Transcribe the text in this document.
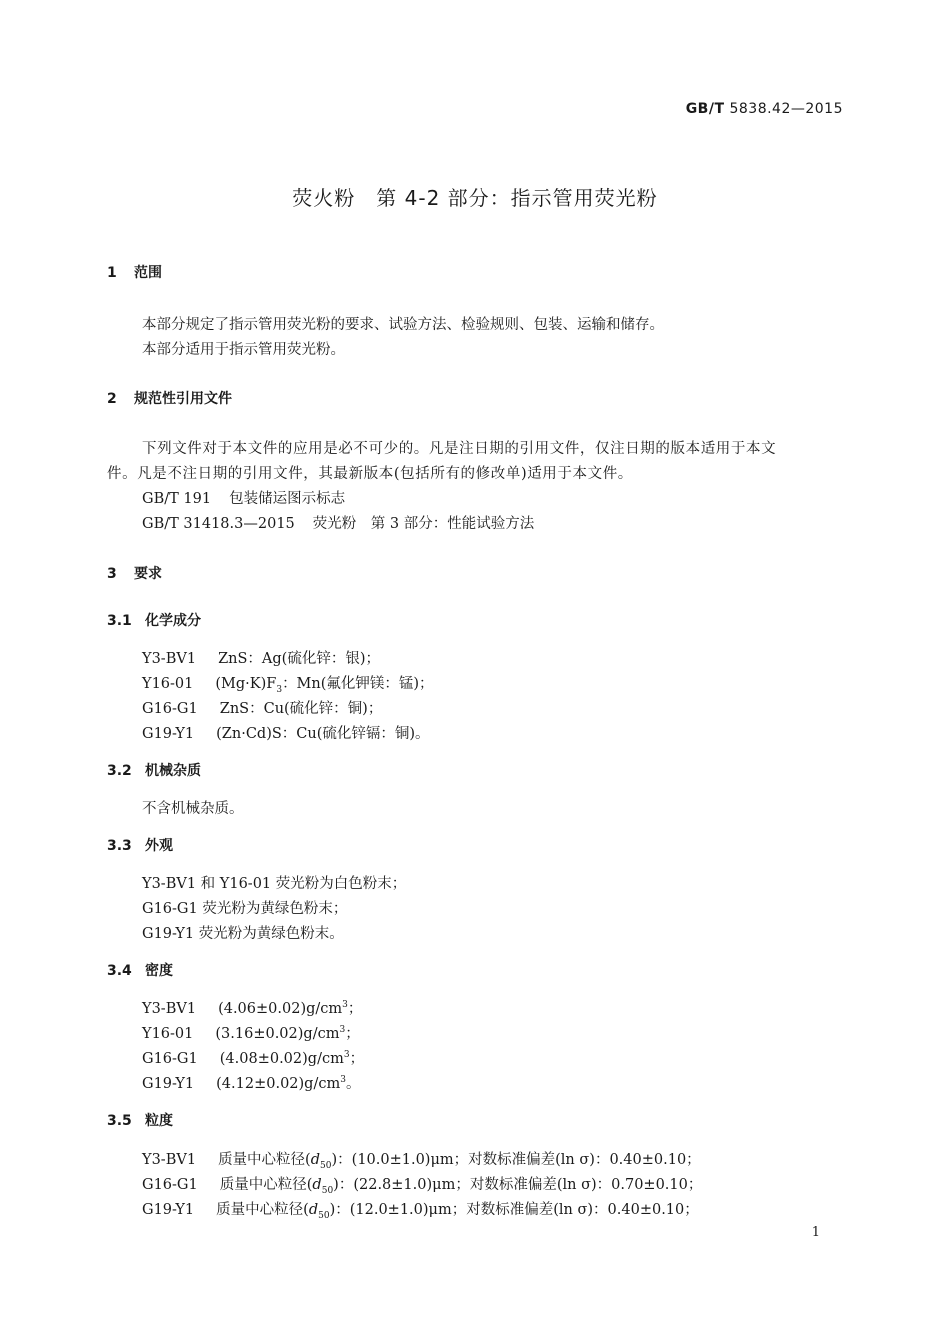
GB/T 5838.42—2015
荧火粉　第 4-2 部分：指示管用荧光粉
1 范围
本部分规定了指示管用荧光粉的要求、试验方法、检验规则、包装、运输和储存。
本部分适用于指示管用荧光粉。
2 规范性引用文件
下列文件对于本文件的应用是必不可少的。凡是注日期的引用文件，仅注日期的版本适用于本文
件。凡是不注日期的引用文件，其最新版本(包括所有的修改单)适用于本文件。
GB/T 191 包装储运图示标志
GB/T 31418.3—2015 荧光粉　第 3 部分：性能试验方法
3 要求
3.1 化学成分
Y3-BV1 ZnS：Ag(硫化锌：银)；
Y16-01 $(Mg\cdot K)F_3$：Mn(氟化钾镁：锰)；
G16-G1 ZnS：Cu(硫化锌：铜)；
G19-Y1 (Zn·Cd)S：Cu(硫化锌镉：铜)。
3.2 机械杂质
不含机械杂质。
3.3 外观
Y3-BV1 和 Y16-01 荧光粉为白色粉末；
G16-G1 荧光粉为黄绿色粉末；
G19-Y1 荧光粉为黄绿色粉末。
3.4 密度
Y3-BV1 $(4.06\pm 0.02)g/cm^3$；
Y16-01 $(3.16\pm 0.02)g/cm^3$；
G16-G1 $(4.08\pm 0.02)g/cm^3$；
G19-Y1 $(4.12\pm 0.02)g/cm^3$。
3.5 粒度
Y3-BV1 质量中心粒径$(d_{50})$：(10.0±1.0)μm；对数标准偏差(ln σ)：0.40±0.10；
G16-G1 质量中心粒径$(d_{50})$：(22.8±1.0)μm；对数标准偏差(ln σ)：0.70±0.10；
G19-Y1 质量中心粒径$(d_{50})$：(12.0±1.0)μm；对数标准偏差(ln σ)：0.40±0.10；
1
